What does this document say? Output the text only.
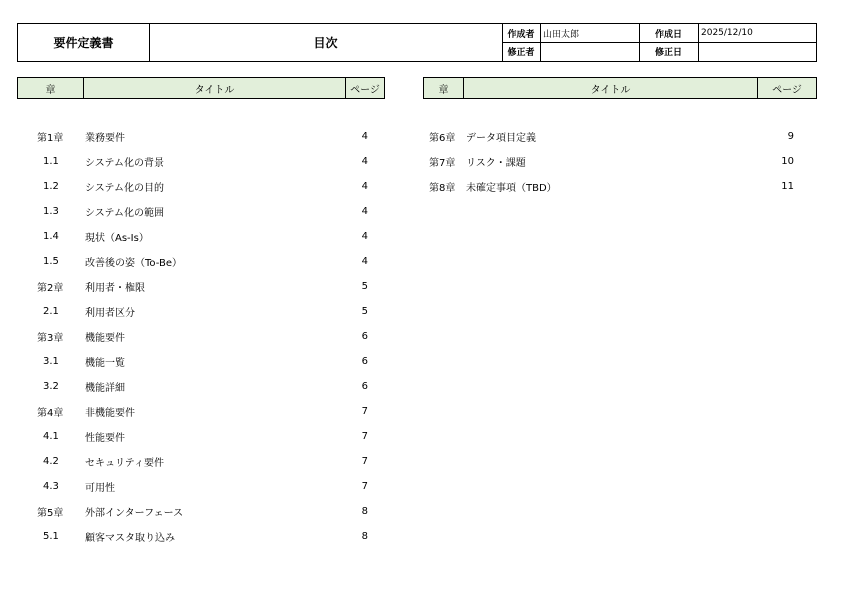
要件定義書	目次
作成者 山田太郎	作成日	2025/12/10
修正者	修正日
章	タイトル	ページ	章	タイトル	ページ
第1章 業務要件	4
1.1	システム化の背景	4
1.2	システム化の目的	4
1.3	システム化の範囲	4
1.4	現状（As-Is）	4
1.5	改善後の姿（To-Be）	4
第2章 利用者・権限	5
2.1	利用者区分	5
第3章 機能要件	6
3.1	機能一覧	6
3.2	機能詳細	6
第4章 非機能要件	7
4.1	性能要件	7
4.2	セキュリティ要件	7
4.3	可用性	7
第5章 外部インターフェース	8
5.1	顧客マスタ取り込み	8
第6章 データ項目定義	9
第7章 リスク・課題	10
第8章 未確定事項（TBD）	11
